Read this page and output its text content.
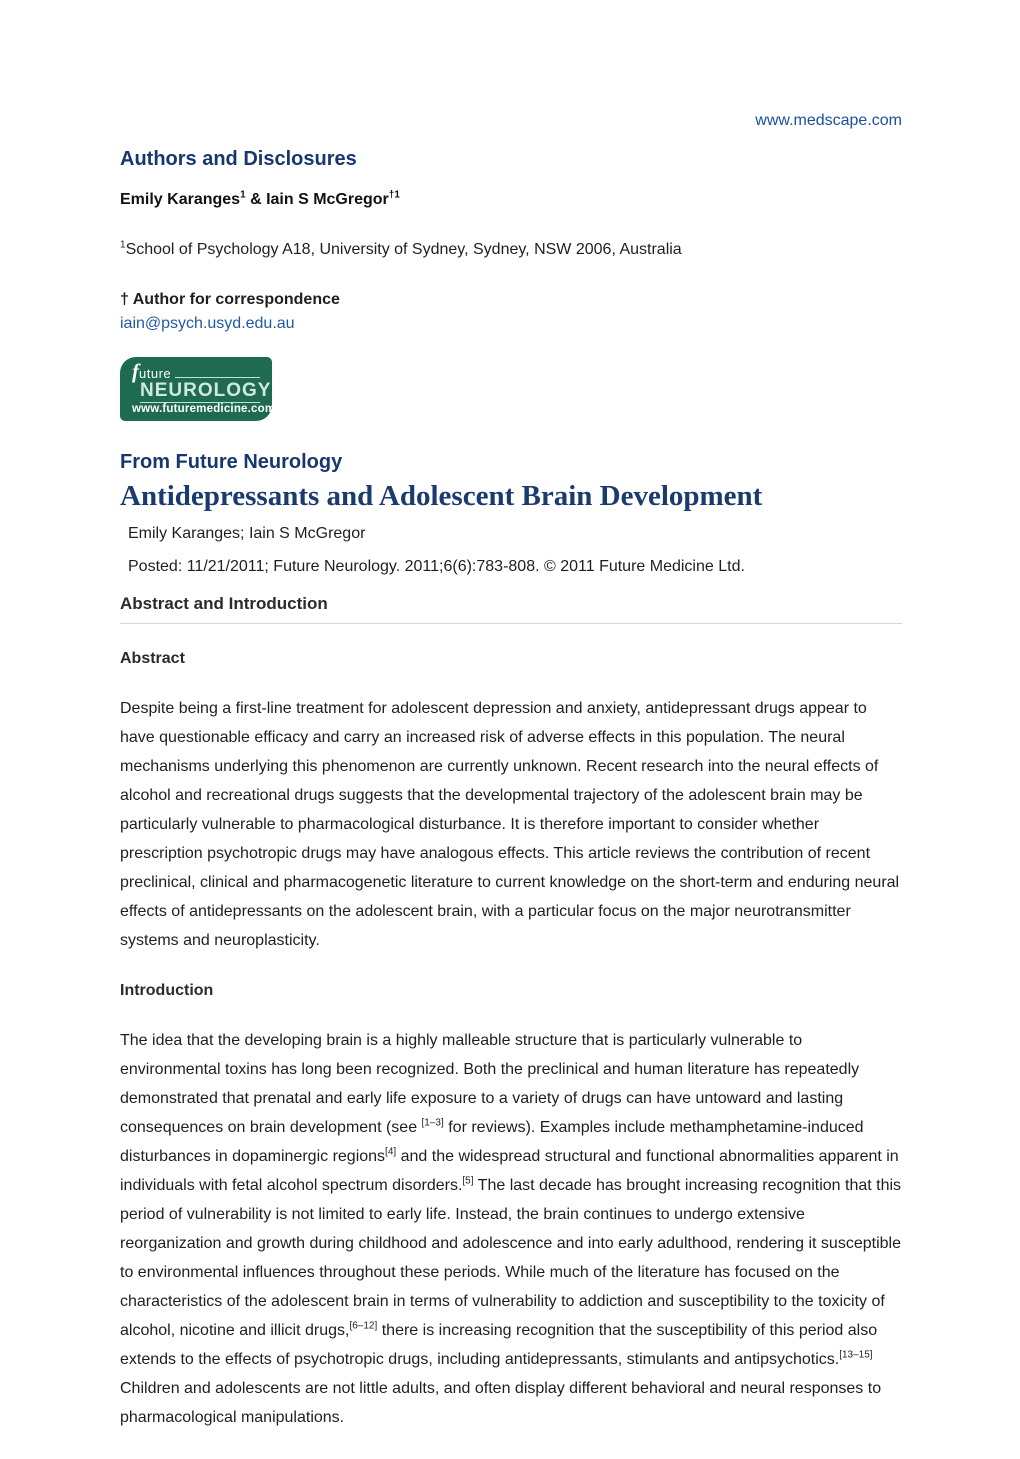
www.medscape.com
Authors and Disclosures
Emily Karanges$^1$ & Iain S McGregor$^{\dagger 1}$
$^1$School of Psychology A18, University of Sydney, Sydney, NSW 2006, Australia
† Author for correspondence
iain@psych.usyd.edu.au
f uture
NEUROLOGY
www.futuremedicine.com
From Future Neurology
Antidepressants and Adolescent Brain Development
Emily Karanges; Iain S McGregor
Posted: 11/21/2011; Future Neurology. 2011;6(6):783-808. © 2011 Future Medicine Ltd.
Abstract and Introduction
Abstract
Despite being a first-line treatment for adolescent depression and anxiety, antidepressant drugs appear to have questionable efficacy and carry an increased risk of adverse effects in this population. The neural mechanisms underlying this phenomenon are currently unknown. Recent research into the neural effects of alcohol and recreational drugs suggests that the developmental trajectory of the adolescent brain may be particularly vulnerable to pharmacological disturbance. It is therefore important to consider whether prescription psychotropic drugs may have analogous effects. This article reviews the contribution of recent preclinical, clinical and pharmacogenetic literature to current knowledge on the short-term and enduring neural effects of antidepressants on the adolescent brain, with a particular focus on the major neurotransmitter systems and neuroplasticity.
Introduction
The idea that the developing brain is a highly malleable structure that is particularly vulnerable to environmental toxins has long been recognized. Both the preclinical and human literature has repeatedly demonstrated that prenatal and early life exposure to a variety of drugs can have untoward and lasting consequences on brain development (see [1–3] for reviews). Examples include methamphetamine-induced disturbances in dopaminergic regions[4] and the widespread structural and functional abnormalities apparent in individuals with fetal alcohol spectrum disorders.[5] The last decade has brought increasing recognition that this period of vulnerability is not limited to early life. Instead, the brain continues to undergo extensive reorganization and growth during childhood and adolescence and into early adulthood, rendering it susceptible to environmental influences throughout these periods. While much of the literature has focused on the characteristics of the adolescent brain in terms of vulnerability to addiction and susceptibility to the toxicity of alcohol, nicotine and illicit drugs,[6–12] there is increasing recognition that the susceptibility of this period also extends to the effects of psychotropic drugs, including antidepressants, stimulants and antipsychotics.[13–15] Children and adolescents are not little adults, and often display different behavioral and neural responses to pharmacological manipulations.
